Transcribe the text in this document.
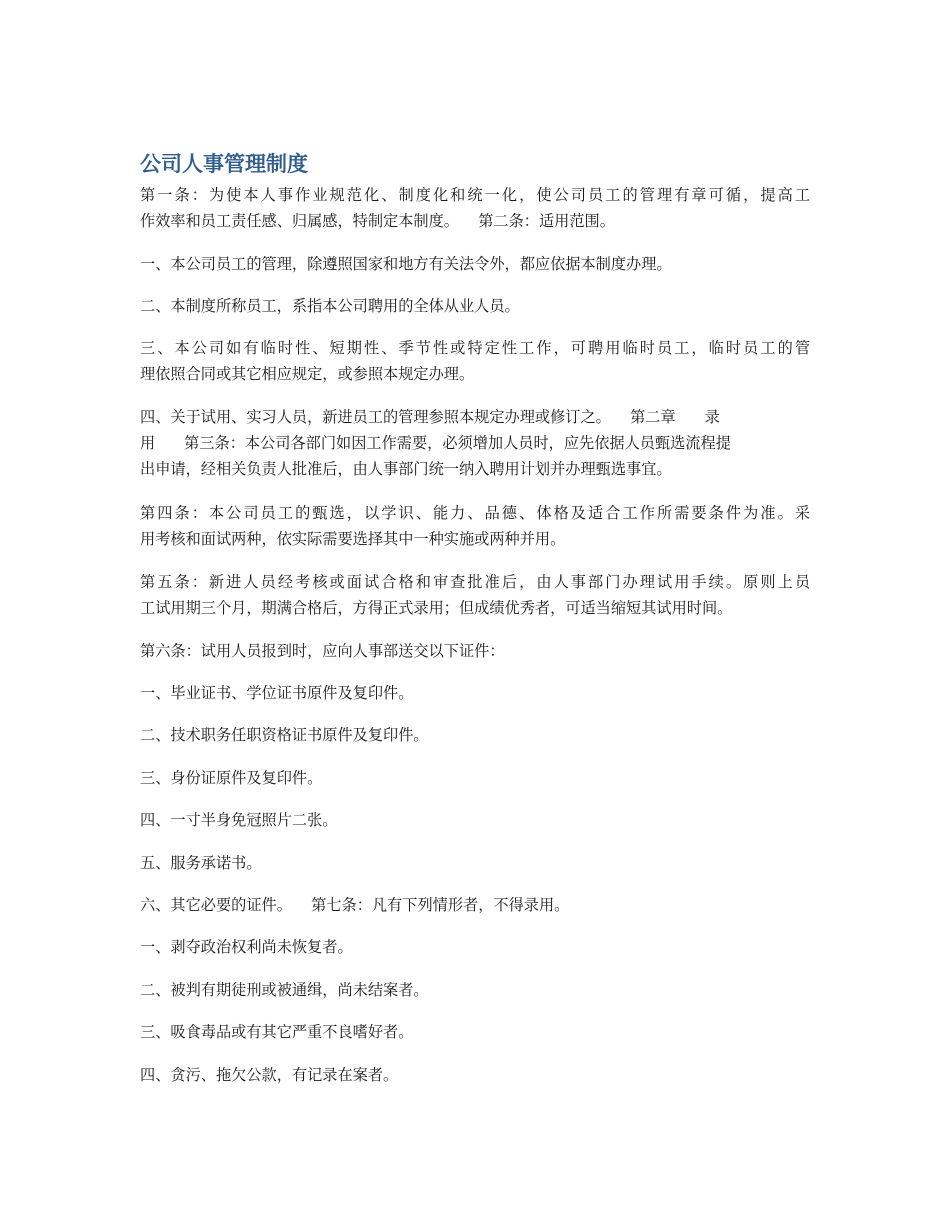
公司人事管理制度

第一条：为使本人事作业规范化、制度化和统一化，使公司员工的管理有章可循，提高工
作效率和员工责任感、归属感，特制定本制度。    第二条：适用范围。

一、本公司员工的管理，除遵照国家和地方有关法令外，都应依据本制度办理。

二、本制度所称员工，系指本公司聘用的全体从业人员。

三、本公司如有临时性、短期性、季节性或特定性工作，可聘用临时员工，临时员工的管
理依照合同或其它相应规定，或参照本规定办理。

四、关于试用、实习人员，新进员工的管理参照本规定办理或修订之。    第二章      录
用      第三条：本公司各部门如因工作需要，必须增加人员时，应先依据人员甄选流程提
出申请，经相关负责人批准后，由人事部门统一纳入聘用计划并办理甄选事宜。

第四条：本公司员工的甄选，以学识、能力、品德、体格及适合工作所需要条件为准。采
用考核和面试两种，依实际需要选择其中一种实施或两种并用。

第五条：新进人员经考核或面试合格和审查批准后，由人事部门办理试用手续。原则上员
工试用期三个月，期满合格后，方得正式录用；但成绩优秀者，可适当缩短其试用时间。

第六条：试用人员报到时，应向人事部送交以下证件：

一、毕业证书、学位证书原件及复印件。

二、技术职务任职资格证书原件及复印件。

三、身份证原件及复印件。

四、一寸半身免冠照片二张。

五、服务承诺书。

六、其它必要的证件。    第七条：凡有下列情形者，不得录用。

一、剥夺政治权利尚未恢复者。

二、被判有期徒刑或被通缉，尚未结案者。

三、吸食毒品或有其它严重不良嗜好者。

四、贪污、拖欠公款，有记录在案者。
